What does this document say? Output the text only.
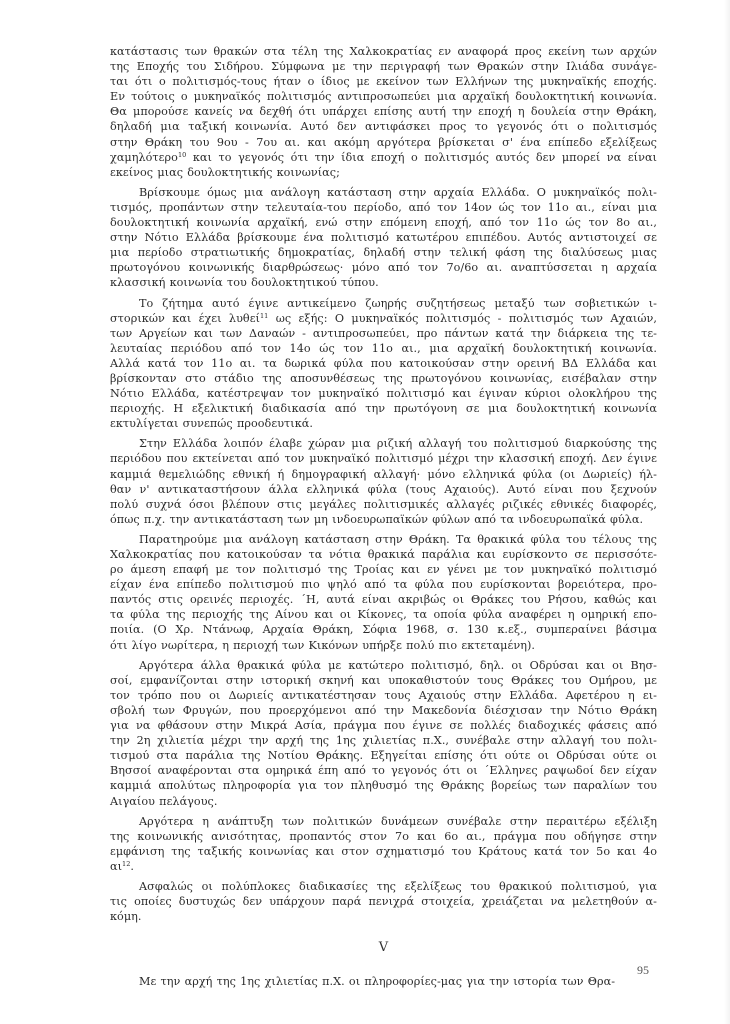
κατάστασις των θρακών στα τέλη της Χαλκοκρατίας εν αναφορά προς εκείνη των αρχών
της Εποχής του Σιδήρου. Σύμφωνα με την περιγραφή των Θρακών στην Ιλιάδα συνάγε-
ται ότι ο πολιτισμός-τους ήταν ο ίδιος με εκείνον των Ελλήνων της μυκηναϊκής εποχής.
Εν τούτοις ο μυκηναϊκός πολιτισμός αντιπροσωπεύει μια αρχαϊκή δουλοκτητική κοινωνία.
Θα μπορούσε κανείς να δεχθή ότι υπάρχει επίσης αυτή την εποχή η δουλεία στην Θράκη,
δηλαδή μια ταξική κοινωνία. Αυτό δεν αντιφάσκει προς το γεγονός ότι ο πολιτισμός
στην Θράκη του 9ου - 7ου αι. και ακόμη αργότερα βρίσκεται σ' ένα επίπεδο εξελίξεως
χαμηλότερο$^{10}$ και το γεγονός ότι την ίδια εποχή ο πολιτισμός αυτός δεν μπορεί να είναι
εκείνος μιας δουλοκτητικής κοινωνίας;
Βρίσκουμε όμως μια ανάλογη κατάσταση στην αρχαία Ελλάδα. Ο μυκηναϊκός πολι-
τισμός, προπάντων στην τελευταία-του περίοδο, από τον 14ον ώς τον 11ο αι., είναι μια
δουλοκτητική κοινωνία αρχαϊκή, ενώ στην επόμενη εποχή, από τον 11ο ώς τον 8ο αι.,
στην Νότιο Ελλάδα βρίσκουμε ένα πολιτισμό κατωτέρου επιπέδου. Αυτός αντιστοιχεί σε
μια περίοδο στρατιωτικής δημοκρατίας, δηλαδή στην τελική φάση της διαλύσεως μιας
πρωτογόνου κοινωνικής διαρθρώσεως· μόνο από τον 7ο/6ο αι. αναπτύσσεται η αρχαία
κλασσική κοινωνία του δουλοκτητικού τύπου.
Το ζήτημα αυτό έγινε αντικείμενο ζωηρής συζητήσεως μεταξύ των σοβιετικών ι-
στορικών και έχει λυθεί$^{11}$ ως εξής: Ο μυκηναϊκός πολιτισμός - πολιτισμός των Αχαιών,
των Αργείων και των Δαναών - αντιπροσωπεύει, προ πάντων κατά την διάρκεια της τε-
λευταίας περιόδου από τον 14ο ώς τον 11ο αι., μια αρχαϊκή δουλοκτητική κοινωνία.
Αλλά κατά τον 11ο αι. τα δωρικά φύλα που κατοικούσαν στην ορεινή ΒΔ Ελλάδα και
βρίσκονταν στο στάδιο της αποσυνθέσεως της πρωτογόνου κοινωνίας, εισέβαλαν στην
Νότιο Ελλάδα, κατέστρεψαν τον μυκηναϊκό πολιτισμό και έγιναν κύριοι ολοκλήρου της
περιοχής. Η εξελικτική διαδικασία από την πρωτόγονη σε μια δουλοκτητική κοινωνία
εκτυλίγεται συνεπώς προοδευτικά.
Στην Ελλάδα λοιπόν έλαβε χώραν μια ριζική αλλαγή του πολιτισμού διαρκούσης της
περιόδου που εκτείνεται από τον μυκηναϊκό πολιτισμό μέχρι την κλασσική εποχή. Δεν έγινε
καμμιά θεμελιώδης εθνική ή δημογραφική αλλαγή· μόνο ελληνικά φύλα (οι Δωριείς) ήλ-
θαν ν' αντικαταστήσουν άλλα ελληνικά φύλα (τους Αχαιούς). Αυτό είναι που ξεχνούν
πολύ συχνά όσοι βλέπουν στις μεγάλες πολιτισμικές αλλαγές ριζικές εθνικές διαφορές,
όπως π.χ. την αντικατάσταση των μη ινδοευρωπαϊκών φύλων από τα ινδοευρωπαϊκά φύλα.
Παρατηρούμε μια ανάλογη κατάσταση στην Θράκη. Τα θρακικά φύλα του τέλους της
Χαλκοκρατίας που κατοικούσαν τα νότια θρακικά παράλια και ευρίσκοντο σε περισσότε-
ρο άμεση επαφή με τον πολιτισμό της Τροίας και εν γένει με τον μυκηναϊκό πολιτισμό
είχαν ένα επίπεδο πολιτισμού πιο ψηλό από τα φύλα που ευρίσκονται βορειότερα, προ-
παντός στις ορεινές περιοχές. ´Η, αυτά είναι ακριβώς οι Θράκες του Ρήσου, καθώς και
τα φύλα της περιοχής της Αίνου και οι Κίκονες, τα οποία φύλα αναφέρει η ομηρική επο-
ποιία. (Ο Χρ. Ντάνωφ, Αρχαία Θράκη, Σόφια 1968, σ. 130 κ.εξ., συμπεραίνει βάσιμα
ότι λίγο νωρίτερα, η περιοχή των Κικόνων υπήρξε πολύ πιο εκτεταμένη).
Αργότερα άλλα θρακικά φύλα με κατώτερο πολιτισμό, δηλ. οι Οδρύσαι και οι Βησ-
σοί, εμφανίζονται στην ιστορική σκηνή και υποκαθιστούν τους Θράκες του Ομήρου, με
τον τρόπο που οι Δωριείς αντικατέστησαν τους Αχαιούς στην Ελλάδα. Αφετέρου η ει-
σβολή των Φρυγών, που προερχόμενοι από την Μακεδονία διέσχισαν την Νότιο Θράκη
για να φθάσουν στην Μικρά Ασία, πράγμα που έγινε σε πολλές διαδοχικές φάσεις από
την 2η χιλιετία μέχρι την αρχή της 1ης χιλιετίας π.Χ., συνέβαλε στην αλλαγή του πολι-
τισμού στα παράλια της Νοτίου Θράκης. Εξηγείται επίσης ότι ούτε οι Οδρύσαι ούτε οι
Βησσοί αναφέρονται στα ομηρικά έπη από το γεγονός ότι οι ´Ελληνες ραψωδοί δεν είχαν
καμμιά απολύτως πληροφορία για τον πληθυσμό της Θράκης βορείως των παραλίων του
Αιγαίου πελάγους.
Αργότερα η ανάπτυξη των πολιτικών δυνάμεων συνέβαλε στην περαιτέρω εξέλιξη
της κοινωνικής ανισότητας, προπαντός στον 7ο και 6ο αι., πράγμα που οδήγησε στην
εμφάνιση της ταξικής κοινωνίας και στον σχηματισμό του Κράτους κατά τον 5ο και 4ο
$\alpha\iota^{12}$.
Ασφαλώς οι πολύπλοκες διαδικασίες της εξελίξεως του θρακικού πολιτισμού, για
τις οποίες δυστυχώς δεν υπάρχουν παρά πενιχρά στοιχεία, χρειάζεται να μελετηθούν α-
κόμη.
V
Με την αρχή της 1ης χιλιετίας π.Χ. οι πληροφορίες-μας για την ιστορία των Θρα-
95
